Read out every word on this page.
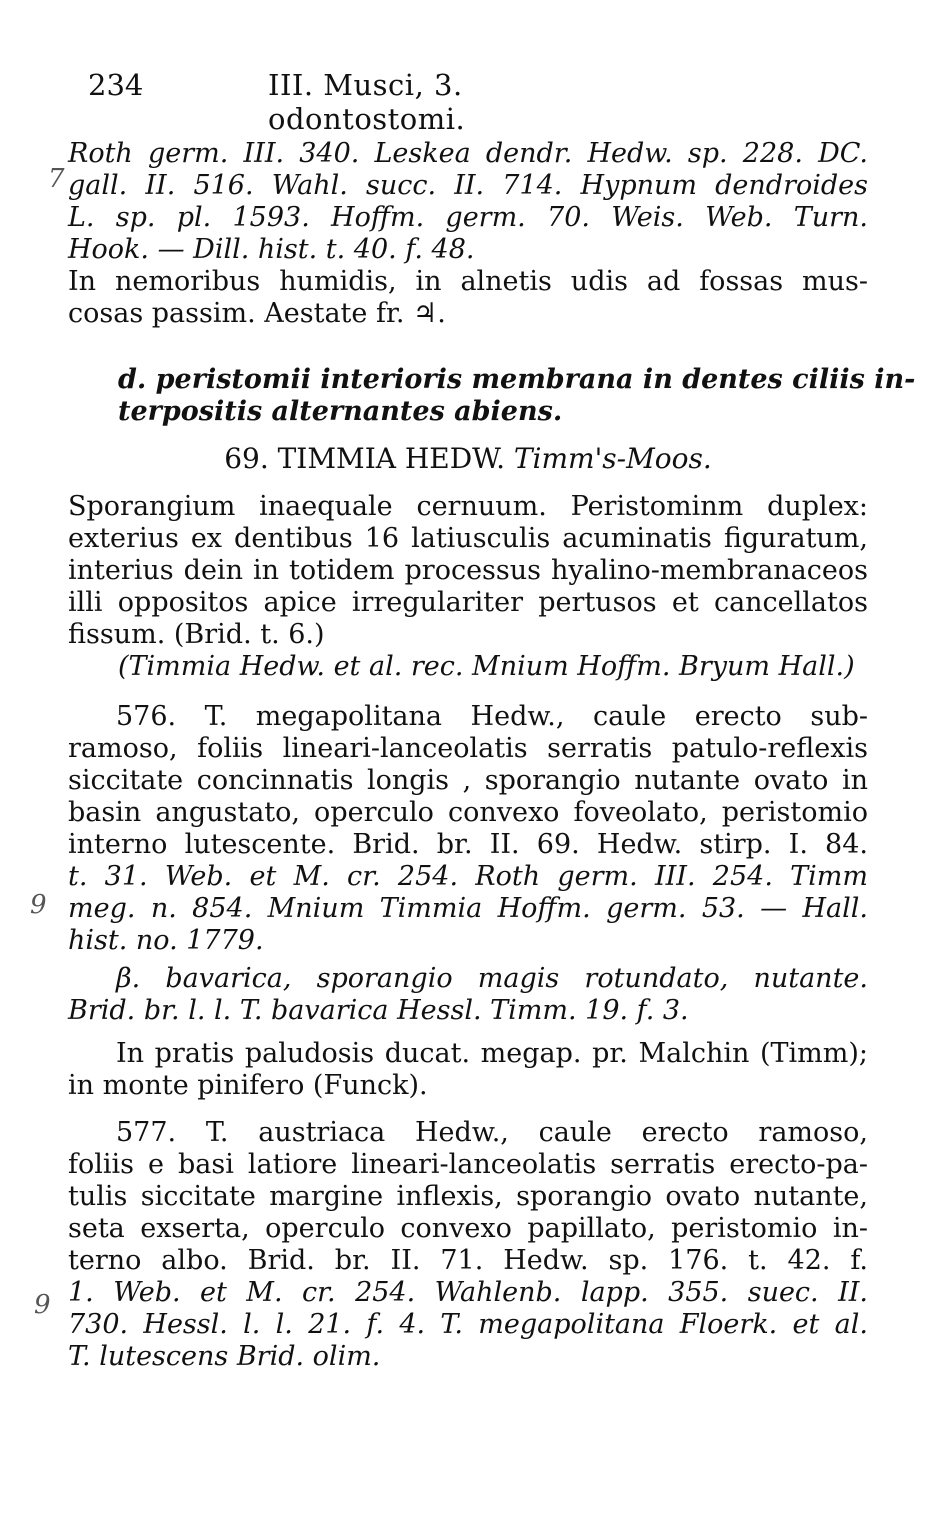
234	III. Musci, 3. odontostomi.
7
9
9
Roth germ. III. 340. Leskea dendr. Hedw. sp. 228. DC.
gall. II. 516. Wahl. succ. II. 714. Hypnum dendroides
L. sp. pl. 1593. Hoffm. germ. 70. Weis. Web. Turn.
Hook. — Dill. hist. t. 40. f. 48.
In nemoribus humidis, in alnetis udis ad fossas mus-
cosas passim. Aestate fr. ♃.
d. peristomii interioris membrana in dentes ciliis in-
terpositis alternantes abiens.
69. TIMMIA HEDW. Timm's-Moos.
Sporangium inaequale cernuum. Peristominm duplex:
exterius ex dentibus 16 latiusculis acuminatis figuratum,
interius dein in totidem processus hyalino-membranaceos
illi oppositos apice irregulariter pertusos et cancellatos
fissum. (Brid. t. 6.)
(Timmia Hedw. et al. rec. Mnium Hoffm. Bryum Hall.)
576. T. megapolitana Hedw., caule erecto sub-
ramoso, foliis lineari-lanceolatis serratis patulo-reflexis
siccitate concinnatis longis , sporangio nutante ovato in
basin angustato, operculo convexo foveolato, peristomio
interno lutescente. Brid. br. II. 69. Hedw. stirp. I. 84.
t. 31. Web. et M. cr. 254. Roth germ. III. 254. Timm
meg. n. 854. Mnium Timmia Hoffm. germ. 53. — Hall.
hist. no. 1779.
β. bavarica, sporangio magis rotundato, nutante.
Brid. br. l. l. T. bavarica Hessl. Timm. 19. f. 3.
In pratis paludosis ducat. megap. pr. Malchin (Timm);
in monte pinifero (Funck).
577. T. austriaca Hedw., caule erecto ramoso,
foliis e basi latiore lineari-lanceolatis serratis erecto-pa-
tulis siccitate margine inflexis, sporangio ovato nutante,
seta exserta, operculo convexo papillato, peristomio in-
terno albo. Brid. br. II. 71. Hedw. sp. 176. t. 42. f.
1. Web. et M. cr. 254. Wahlenb. lapp. 355. suec. II.
730. Hessl. l. l. 21. f. 4. T. megapolitana Floerk. et al.
T. lutescens Brid. olim.
